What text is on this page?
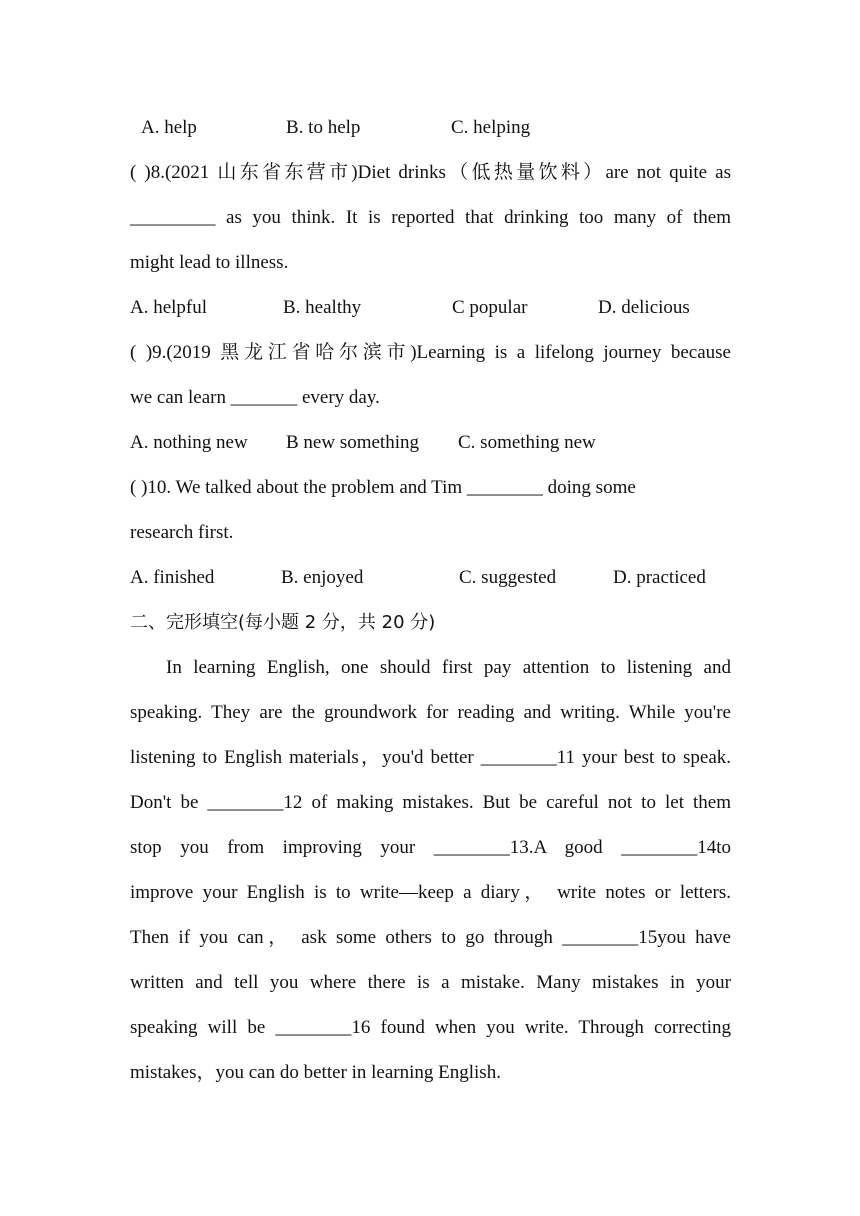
A. help	B. to help	C. helping
( )8.(2021 山东省东营市)Diet drinks（低热量饮料）are not quite as
_________ as you think. It is reported that drinking too many of them
might lead to illness.
A. helpful	B. healthy	C popular	D. delicious
( )9.(2019 黑龙江省哈尔滨市)Learning is a lifelong journey because
we can learn _______ every day.
A. nothing new B new something C. something new
( )10. We talked about the problem and Tim ________ doing some
research first.
A. finished	B. enjoyed	C. suggested	D. practiced
二、完形填空(每小题 2 分，共 20 分)
In learning English, one should first pay attention to listening and
speaking. They are the groundwork for reading and writing. While you're
listening to English materials，you'd better ________11 your best to speak.
Don't be ________12 of making mistakes. But be careful not to let them
stop you from improving your ________13.A good ________14to
improve your English is to write—keep a diary， write notes or letters.
Then if you can， ask some others to go through ________15you have
written and tell you where there is a mistake. Many mistakes in your
speaking will be ________16 found when you write. Through correcting
mistakes，you can do better in learning English.
